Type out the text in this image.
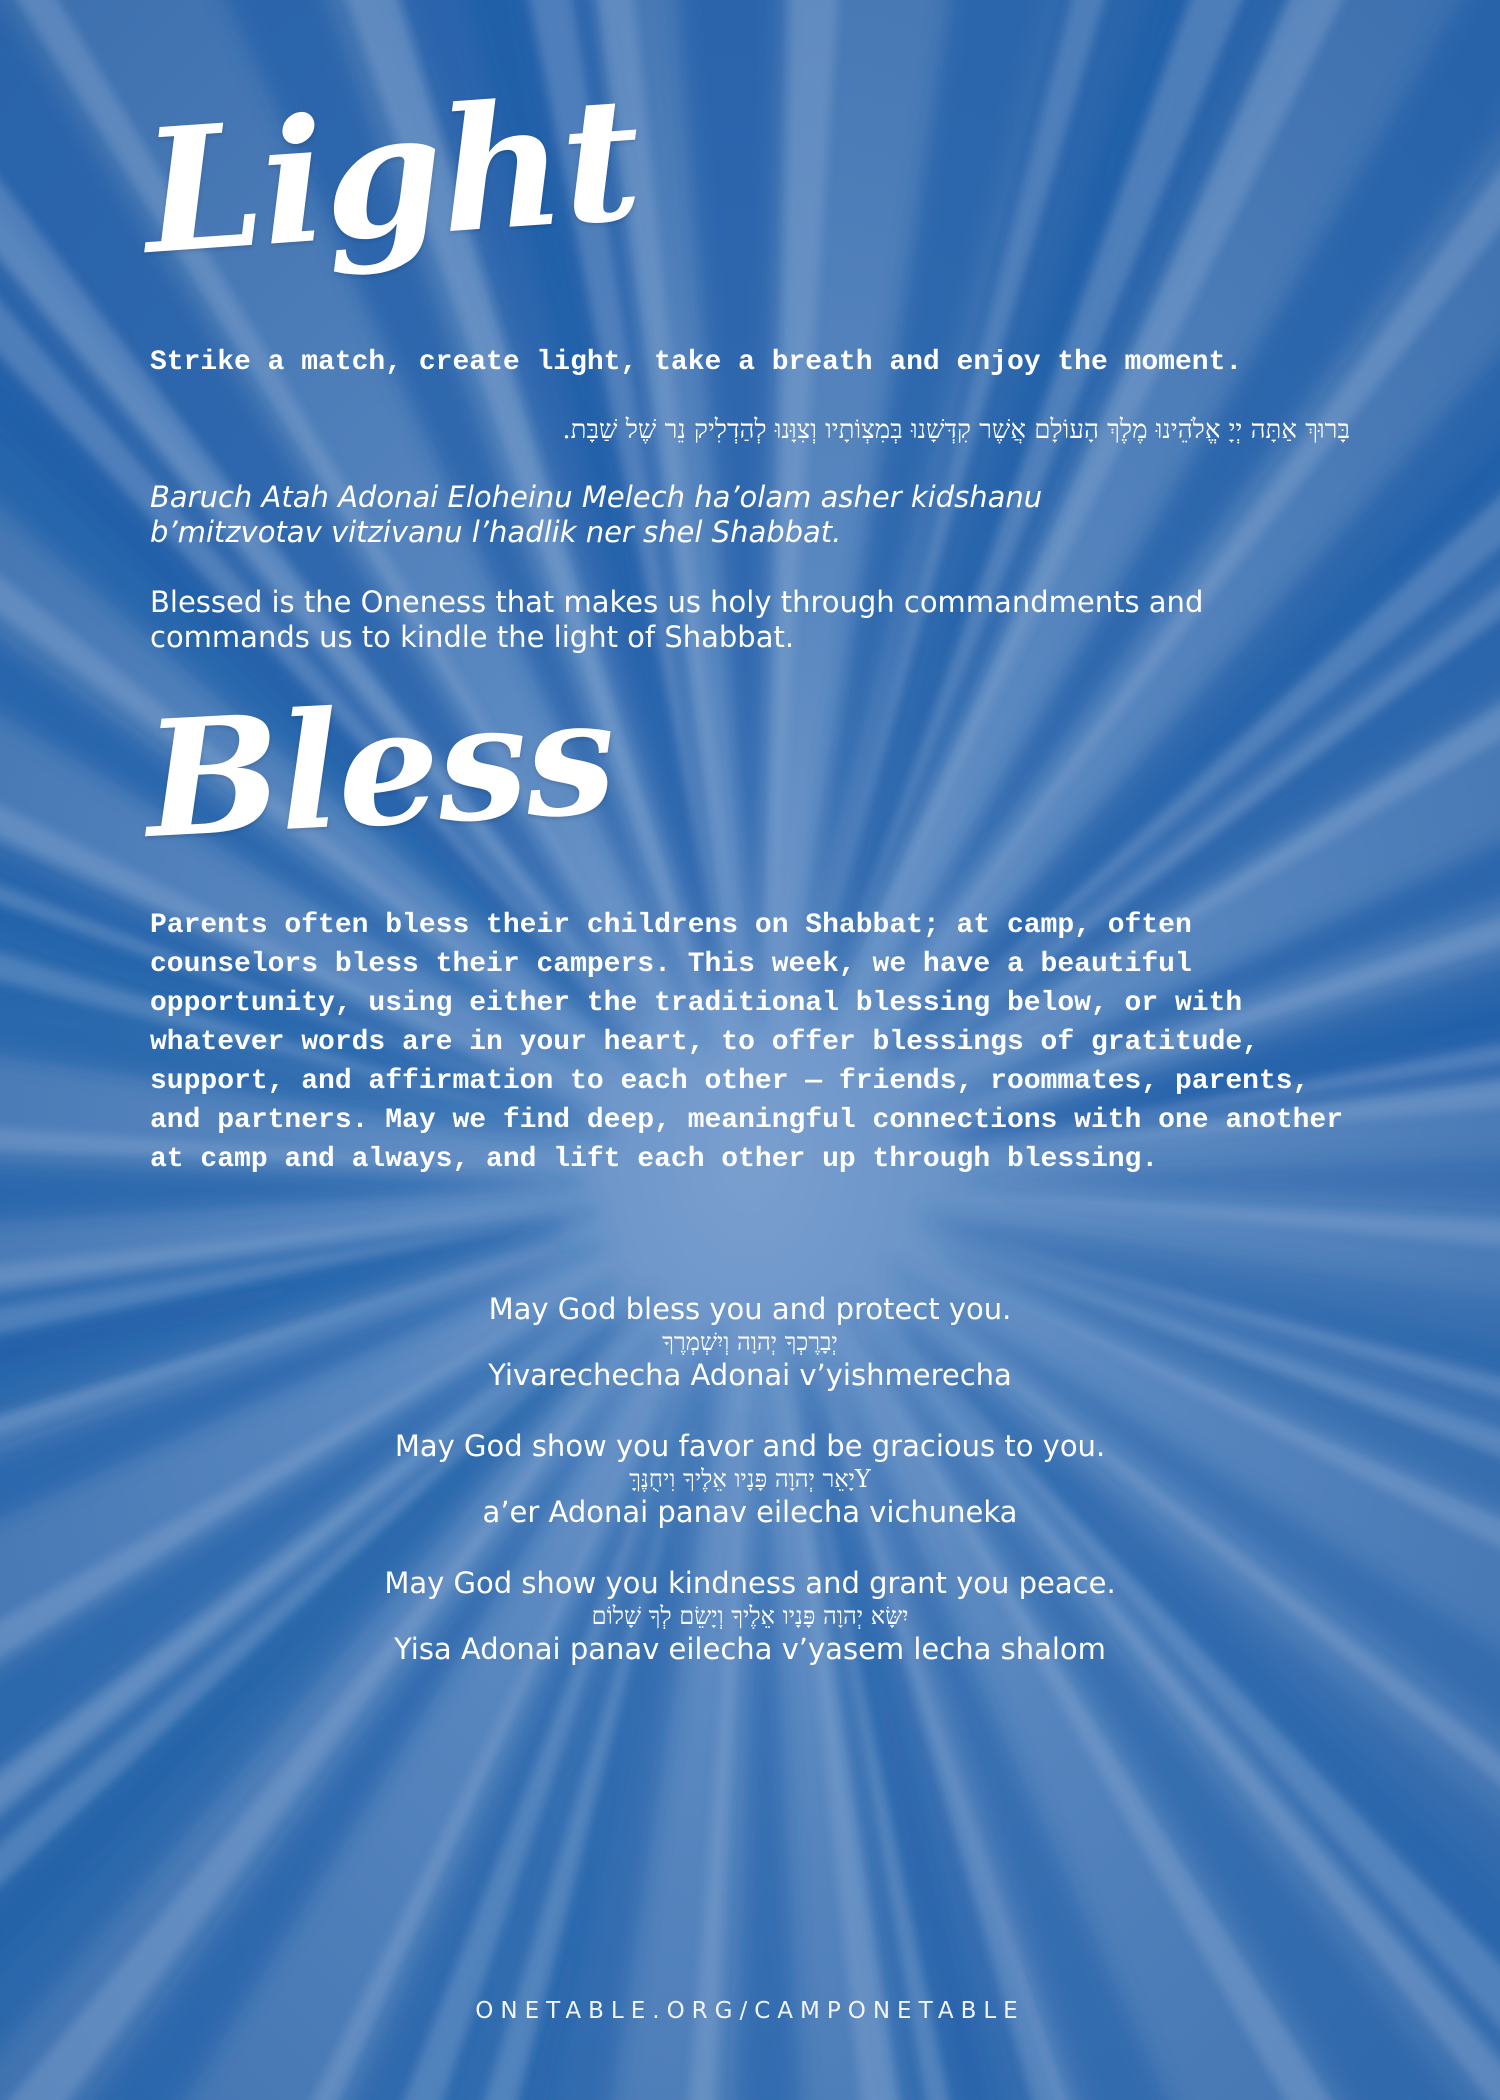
Light
Strike a match, create light, take a breath and enjoy the moment.
בָּרוּךְ אַתָּה יְיָ אֱלֹהֵינוּ מֶלֶךְ הָעוֹלָם אֲשֶׁר קִדְּשָׁנוּ בְּמִצְוֹתָיו וְצִוָּנוּ לְהַדְלִיק נֵר שֶׁל שַׁבָּת.
Baruch Atah Adonai Eloheinu Melech ha’olam asher kidshanu
b’mitzvotav vitzivanu l’hadlik ner shel Shabbat.
Blessed is the Oneness that makes us holy through commandments and commands us to kindle the light of Shabbat.
Bless
Parents often bless their childrens on Shabbat; at camp, often counselors bless their campers. This week, we have a beautiful opportunity, using either the traditional blessing below, or with whatever words are in your heart, to offer blessings of gratitude, support, and affirmation to each other — friends, roommates, parents, and partners. May we find deep, meaningful connections with one another at camp and always, and lift each other up through blessing.
May God bless you and protect you.
יְבָרֶכְךָ יְהוָה וְיִשְׁמְרֶךָ
Yivarechecha Adonai v’yishmerecha
May God show you favor and be gracious to you.
Yיָאֵר יְהוָה פָּנָיו אֵלֶיךָ וִיחֻנֶּךָּ
a’er Adonai panav eilecha vichuneka
May God show you kindness and grant you peace.
יִשָּׂא יְהוָה פָּנָיו אֵלֶיךָ וְיָשֵׂם לְךָ שָׁלוֹם
Yisa Adonai panav eilecha v’yasem lecha shalom
ONETABLE.ORG/CAMPONETABLE
